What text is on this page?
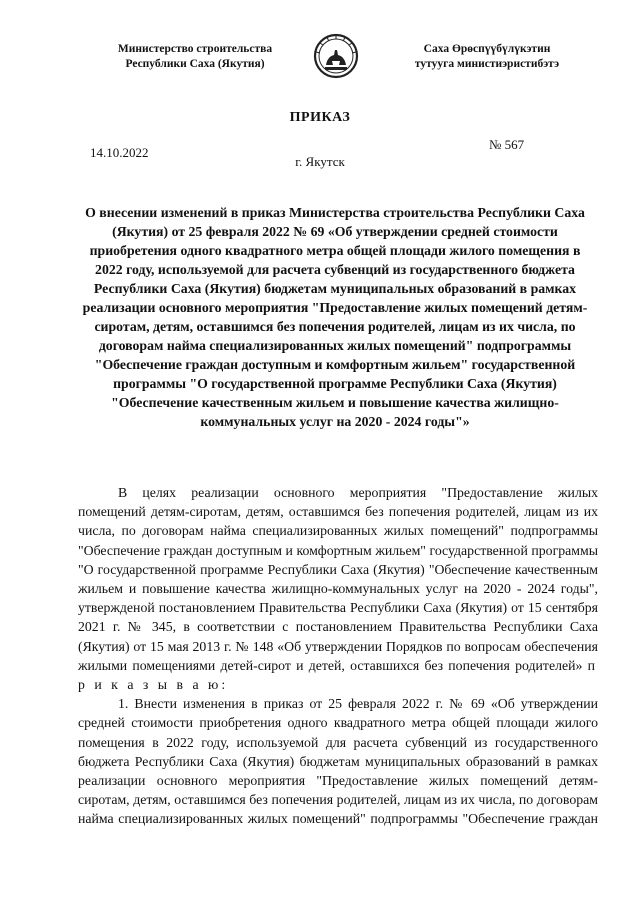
Министерство строительства
Республики Саха (Якутия)
Саха Өрөспүүбүлүкэтин
тутууга министиэристибэтэ
ПРИКАЗ
№ 567
14.10.2022
г. Якутск
О внесении изменений в приказ Министерства строительства Республики Саха (Якутия) от 25 февраля 2022 № 69 «Об утверждении средней стоимости приобретения одного квадратного метра общей площади жилого помещения в 2022 году, используемой для расчета субвенций из государственного бюджета Республики Саха (Якутия) бюджетам муниципальных образований в рамках реализации основного мероприятия "Предоставление жилых помещений детям-сиротам, детям, оставшимся без попечения родителей, лицам из их числа, по договорам найма специализированных жилых помещений" подпрограммы "Обеспечение граждан доступным и комфортным жильем" государственной программы "О государственной программе Республики Саха (Якутия) "Обеспечение качественным жильем и повышение качества жилищно-коммунальных услуг на 2020 - 2024 годы"»

В целях реализации основного мероприятия "Предоставление жилых помещений детям-сиротам, детям, оставшимся без попечения родителей, лицам из их числа, по договорам найма специализированных жилых помещений" подпрограммы "Обеспечение граждан доступным и комфортным жильем" государственной программы "О государственной программе Республики Саха (Якутия) "Обеспечение качественным жильем и повышение качества жилищно-коммунальных услуг на 2020 - 2024 годы", утвержденой постановлением Правительства Республики Саха (Якутия) от 15 сентября 2021 г. № 345, в соответствии с постановлением Правительства Республики Саха (Якутия) от 15 мая 2013 г. № 148 «Об утверждении Порядков по вопросам обеспечения жилыми помещениями детей-сирот и детей, оставшихся без попечения родителей» п р и к а з ы в а ю:

1. Внести изменения в приказ от 25 февраля 2022 г. № 69 «Об утверждении средней стоимости приобретения одного квадратного метра общей площади жилого помещения в 2022 году, используемой для расчета субвенций из государственного бюджета Республики Саха (Якутия) бюджетам муниципальных образований в рамках реализации основного мероприятия "Предоставление жилых помещений детям-сиротам, детям, оставшимся без попечения родителей, лицам из их числа, по договорам найма специализированных жилых помещений" подпрограммы "Обеспечение граждан
